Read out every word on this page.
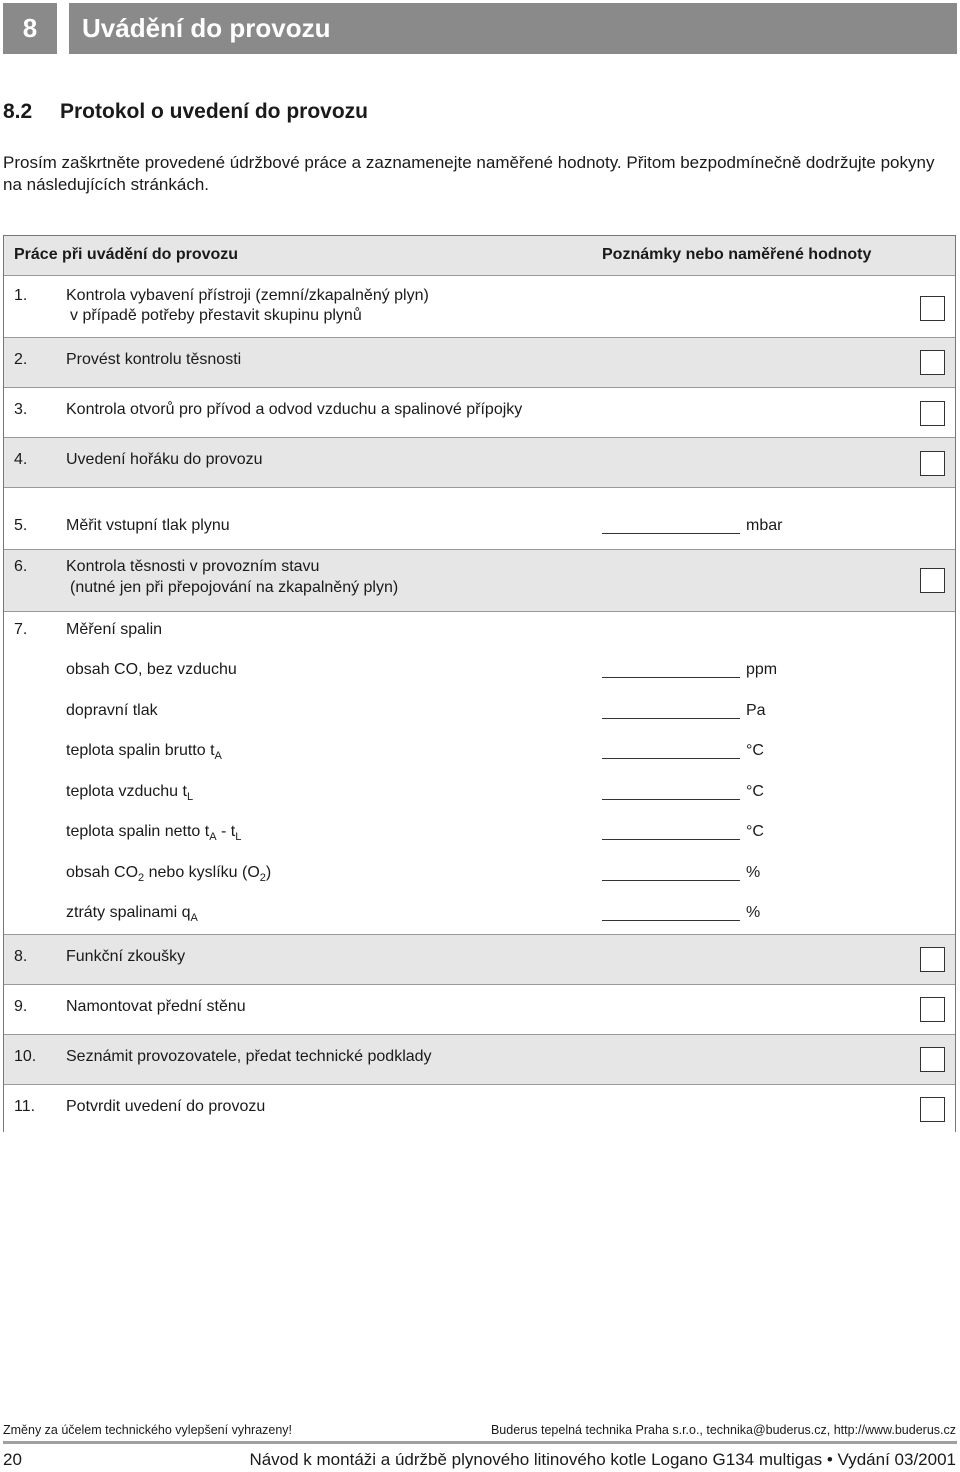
8	Uvádění do provozu
8.2 Protokol o uvedení do provozu

Prosím zaškrtněte provedené údržbové práce a zaznamenejte naměřené hodnoty. Přitom bezpodmínečně dodržujte pokyny na následujících stránkách.

Práce při uvádění do provozu	Poznámky nebo naměřené hodnoty
1. Kontrola vybavení přístroji (zemní/zkapalněný plyn)
v případě potřeby přestavit skupinu plynů
2. Provést kontrolu těsnosti
3. Kontrola otvorů pro přívod a odvod vzduchu a spalinové přípojky
4. Uvedení hořáku do provozu
5. Měřit vstupní tlak plynu	mbar
6. Kontrola těsnosti v provozním stavu
(nutné jen při přepojování na zkapalněný plyn)
7. Měření spalin
obsah CO, bez vzduchu	ppm
dopravní tlak	Pa
teplota spalin brutto $t_A$	°C
teplota vzduchu $t_L$	°C
teplota spalin netto $t_A - t_L$	°C
obsah $CO_2$ nebo kyslíku $(O_2)$	%
ztráty spalinami $q_A$	%
8. Funkční zkoušky
9. Namontovat přední stěnu
10. Seznámit provozovatele, předat technické podklady
11. Potvrdit uvedení do provozu
Změny za účelem technického vylepšení vyhrazeny!	Buderus tepelná technika Praha s.r.o., technika@buderus.cz, http://www.buderus.cz
20	Návod k montáži a údržbě plynového litinového kotle Logano G134 multigas • Vydání 03/2001
